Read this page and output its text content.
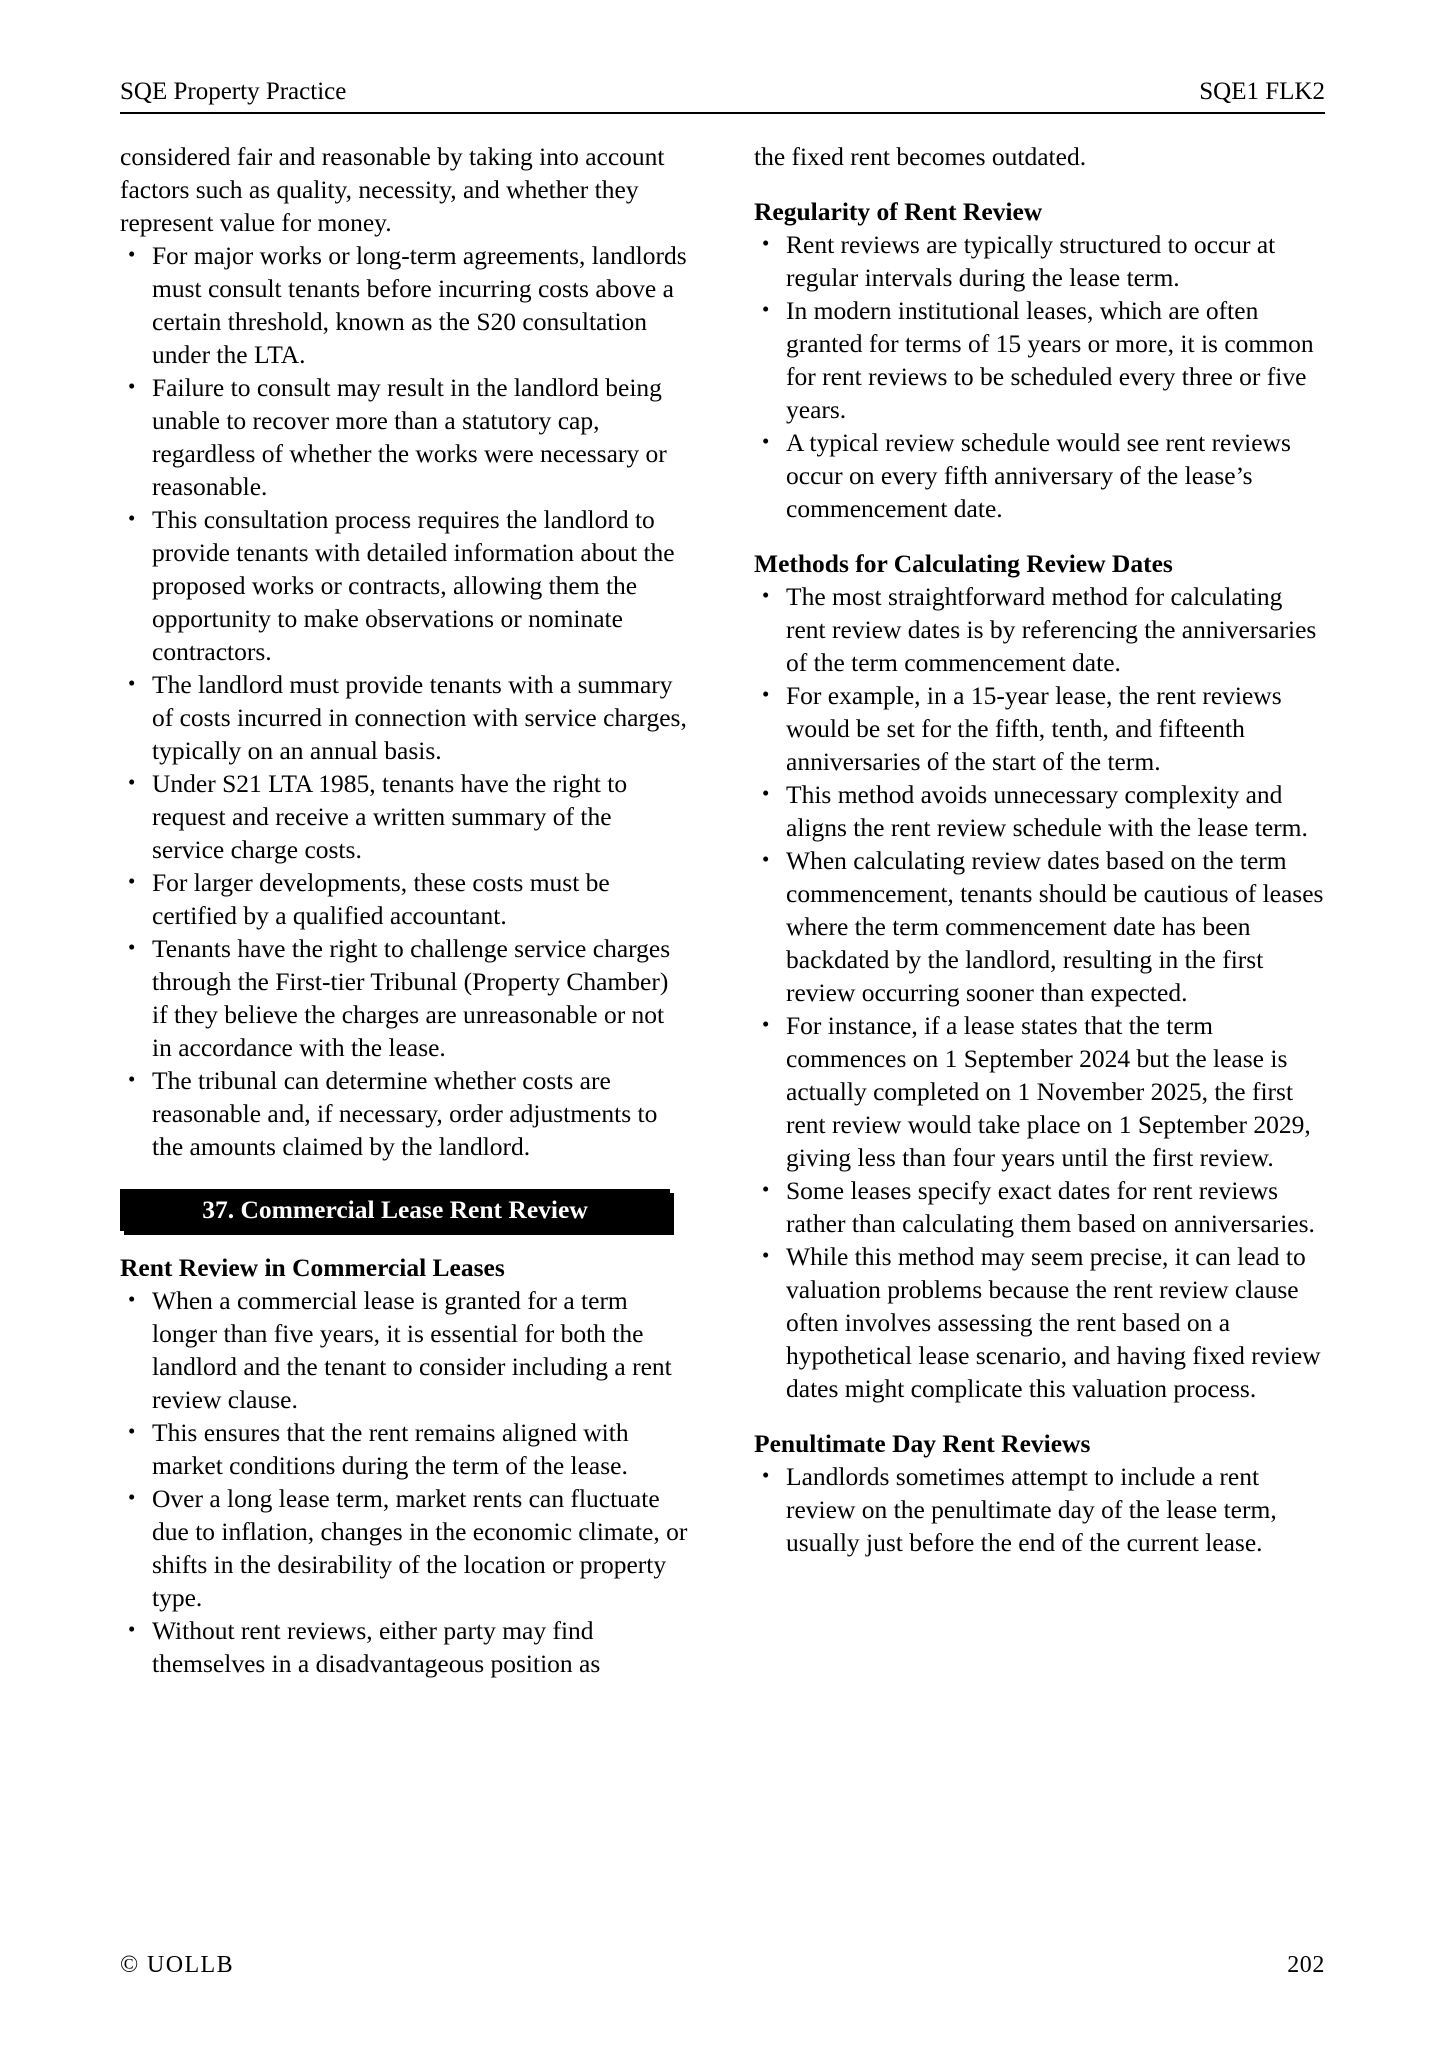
SQE Property Practice	SQE1 FLK2

considered fair and reasonable by taking into account factors such as quality, necessity, and whether they represent value for money.

• For major works or long-term agreements, landlords must consult tenants before incurring costs above a certain threshold, known as the S20 consultation under the LTA.
• Failure to consult may result in the landlord being unable to recover more than a statutory cap, regardless of whether the works were necessary or reasonable.
• This consultation process requires the landlord to provide tenants with detailed information about the proposed works or contracts, allowing them the opportunity to make observations or nominate contractors.
• The landlord must provide tenants with a summary of costs incurred in connection with service charges, typically on an annual basis.
• Under S21 LTA 1985, tenants have the right to request and receive a written summary of the service charge costs.
• For larger developments, these costs must be certified by a qualified accountant.
• Tenants have the right to challenge service charges through the First-tier Tribunal (Property Chamber) if they believe the charges are unreasonable or not in accordance with the lease.
• The tribunal can determine whether costs are reasonable and, if necessary, order adjustments to the amounts claimed by the landlord.
37. Commercial Lease Rent Review
Rent Review in Commercial Leases
• When a commercial lease is granted for a term longer than five years, it is essential for both the landlord and the tenant to consider including a rent review clause.
• This ensures that the rent remains aligned with market conditions during the term of the lease.
• Over a long lease term, market rents can fluctuate due to inflation, changes in the economic climate, or shifts in the desirability of the location or property type.
• Without rent reviews, either party may find themselves in a disadvantageous position as

the fixed rent becomes outdated.

Regularity of Rent Review
• Rent reviews are typically structured to occur at regular intervals during the lease term.
• In modern institutional leases, which are often granted for terms of 15 years or more, it is common for rent reviews to be scheduled every three or five years.
• A typical review schedule would see rent reviews occur on every fifth anniversary of the lease’s commencement date.
Methods for Calculating Review Dates
• The most straightforward method for calculating rent review dates is by referencing the anniversaries of the term commencement date.
• For example, in a 15-year lease, the rent reviews would be set for the fifth, tenth, and fifteenth anniversaries of the start of the term.
• This method avoids unnecessary complexity and aligns the rent review schedule with the lease term.
• When calculating review dates based on the term commencement, tenants should be cautious of leases where the term commencement date has been backdated by the landlord, resulting in the first review occurring sooner than expected.
• For instance, if a lease states that the term commences on 1 September 2024 but the lease is actually completed on 1 November 2025, the first rent review would take place on 1 September 2029, giving less than four years until the first review.
• Some leases specify exact dates for rent reviews rather than calculating them based on anniversaries.
• While this method may seem precise, it can lead to valuation problems because the rent review clause often involves assessing the rent based on a hypothetical lease scenario, and having fixed review dates might complicate this valuation process.
Penultimate Day Rent Reviews
• Landlords sometimes attempt to include a rent review on the penultimate day of the lease term, usually just before the end of the current lease.
© UOLLB	202
